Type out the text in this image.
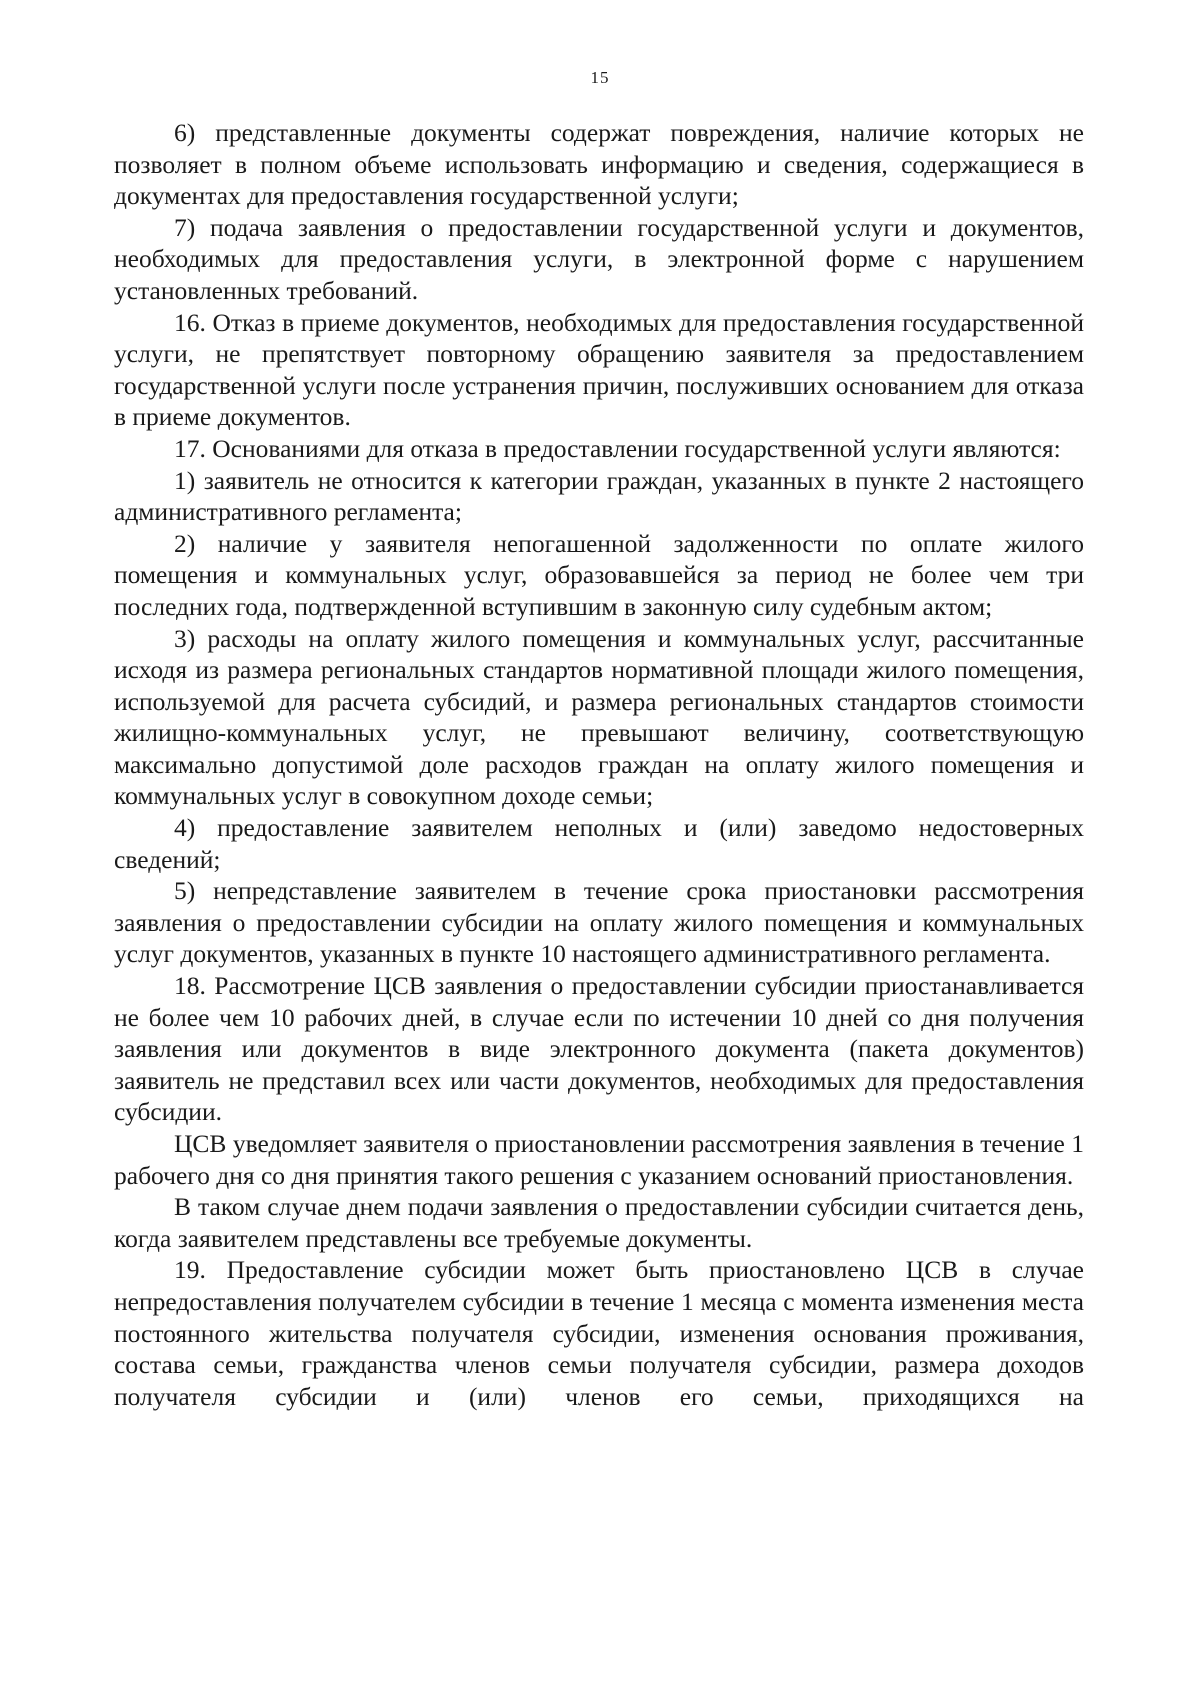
15

6) представленные документы содержат повреждения, наличие которых не позволяет в полном объеме использовать информацию и сведения, содержащиеся в документах для предоставления государственной услуги;

7) подача заявления о предоставлении государственной услуги и документов, необходимых для предоставления услуги, в электронной форме с нарушением установленных требований.

16. Отказ в приеме документов, необходимых для предоставления государственной услуги, не препятствует повторному обращению заявителя за предоставлением государственной услуги после устранения причин, послуживших основанием для отказа в приеме документов.

17. Основаниями для отказа в предоставлении государственной услуги являются:

1) заявитель не относится к категории граждан, указанных в пункте 2 настоящего административного регламента;

2) наличие у заявителя непогашенной задолженности по оплате жилого помещения и коммунальных услуг, образовавшейся за период не более чем три последних года, подтвержденной вступившим в законную силу судебным актом;

3) расходы на оплату жилого помещения и коммунальных услуг, рассчитанные исходя из размера региональных стандартов нормативной площади жилого помещения, используемой для расчета субсидий, и размера региональных стандартов стоимости жилищно-коммунальных услуг, не превышают величину, соответствующую максимально допустимой доле расходов граждан на оплату жилого помещения и коммунальных услуг в совокупном доходе семьи;

4) предоставление заявителем неполных и (или) заведомо недостоверных сведений;

5) непредставление заявителем в течение срока приостановки рассмотрения заявления о предоставлении субсидии на оплату жилого помещения и коммунальных услуг документов, указанных в пункте 10 настоящего административного регламента.

18. Рассмотрение ЦСВ заявления о предоставлении субсидии приостанавливается не более чем 10 рабочих дней, в случае если по истечении 10 дней со дня получения заявления или документов в виде электронного документа (пакета документов) заявитель не представил всех или части документов, необходимых для предоставления субсидии.

ЦСВ уведомляет заявителя о приостановлении рассмотрения заявления в течение 1 рабочего дня со дня принятия такого решения с указанием оснований приостановления.

В таком случае днем подачи заявления о предоставлении субсидии считается день, когда заявителем представлены все требуемые документы.

19. Предоставление субсидии может быть приостановлено ЦСВ в случае непредоставления получателем субсидии в течение 1 месяца с момента изменения места постоянного жительства получателя субсидии, изменения основания проживания, состава семьи, гражданства членов семьи получателя субсидии, размера доходов получателя субсидии и (или) членов его семьи, приходящихся на
